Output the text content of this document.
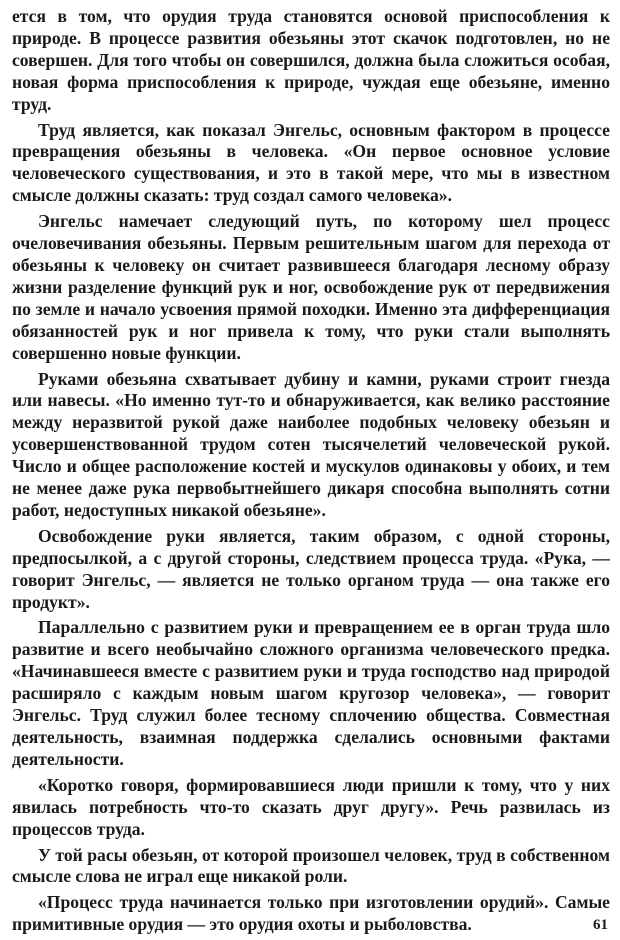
ется в том, что орудия труда становятся основой приспособления к природе. В процессе развития обезьяны этот скачок подготовлен, но не совершен. Для того чтобы он совершился, должна была сложиться особая, новая форма приспособления к природе, чуждая еще обезьяне, именно труд.

Труд является, как показал Энгельс, основным фактором в процессе превращения обезьяны в человека. «Он первое основное условие человеческого существования, и это в такой мере, что мы в известном смысле должны сказать: труд создал самого человека».

Энгельс намечает следующий путь, по которому шел процесс очеловечивания обезьяны. Первым решительным шагом для перехода от обезьяны к человеку он считает развившееся благодаря лесному образу жизни разделение функций рук и ног, освобождение рук от передвижения по земле и начало усвоения прямой походки. Именно эта дифференциация обязанностей рук и ног привела к тому, что руки стали выполнять совершенно новые функции.

Руками обезьяна схватывает дубину и камни, руками строит гнезда или навесы. «Но именно тут-то и обнаруживается, как велико расстояние между неразвитой рукой даже наиболее подобных человеку обезьян и усовершенствованной трудом сотен тысячелетий человеческой рукой. Число и общее расположение костей и мускулов одинаковы у обоих, и тем не менее даже рука первобытнейшего дикаря способна выполнять сотни работ, недоступных никакой обезьяне».

Освобождение руки является, таким образом, с одной стороны, предпосылкой, а с другой стороны, следствием процесса труда. «Рука, — говорит Энгельс, — является не только органом труда — она также его продукт».

Параллельно с развитием руки и превращением ее в орган труда шло развитие и всего необычайно сложного организма человеческого предка. «Начинавшееся вместе с развитием руки и труда господство над природой расширяло с каждым новым шагом кругозор человека», — говорит Энгельс. Труд служил более тесному сплочению общества. Совместная деятельность, взаимная поддержка сделались основными фактами деятельности.

«Коротко говоря, формировавшиеся люди пришли к тому, что у них явилась потребность что-то сказать друг другу». Речь развилась из процессов труда.

У той расы обезьян, от которой произошел человек, труд в собственном смысле слова не играл еще никакой роли.

«Процесс труда начинается только при изготовлении орудий». Самые примитивные орудия — это орудия охоты и рыболовства.	61
